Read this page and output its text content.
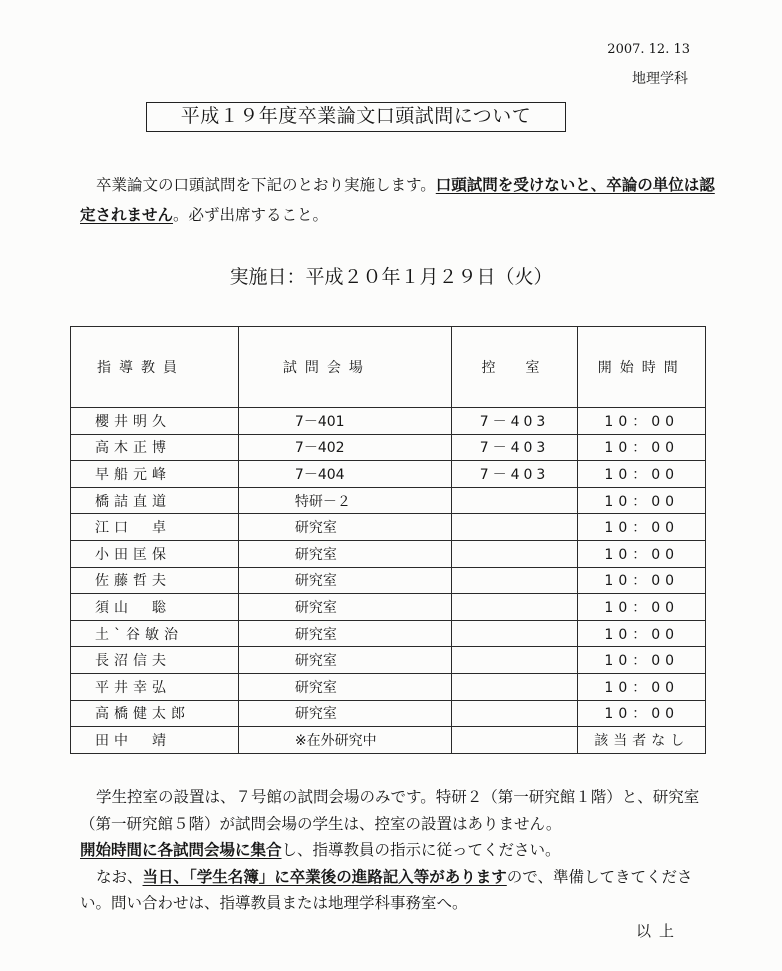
2007. 12. 13
地理学科
平成１９年度卒業論文口頭試問について
卒業論文の口頭試問を下記のとおり実施します。口頭試問を受けないと、卒論の単位は認定されません。必ず出席すること。
実施日：平成２０年１月２９日（火）
指導教員	試問会場	控　室	開始時間
櫻井明久	7－401	7－403	10：00
高木正博	7－402	7－403	10：00
早船元峰	7－404	7－403	10：00
橋詰直道	特研－２		10：00
江口　卓	研究室		10：00
小田匡保	研究室		10：00
佐藤哲夫	研究室		10：00
須山　聡	研究室		10：00
土`谷敏治	研究室		10：00
長沼信夫	研究室		10：00
平井幸弘	研究室		10：00
高橋健太郎	研究室		10：00
田中　靖	※在外研究中		該当者なし
学生控室の設置は、７号館の試問会場のみです。特研２（第一研究館１階）と、研究室（第一研究館５階）が試問会場の学生は、控室の設置はありません。
開始時間に各試問会場に集合し、指導教員の指示に従ってください。
なお、当日、「学生名簿」に卒業後の進路記入等がありますので、準備してきてください。問い合わせは、指導教員または地理学科事務室へ。
以上
